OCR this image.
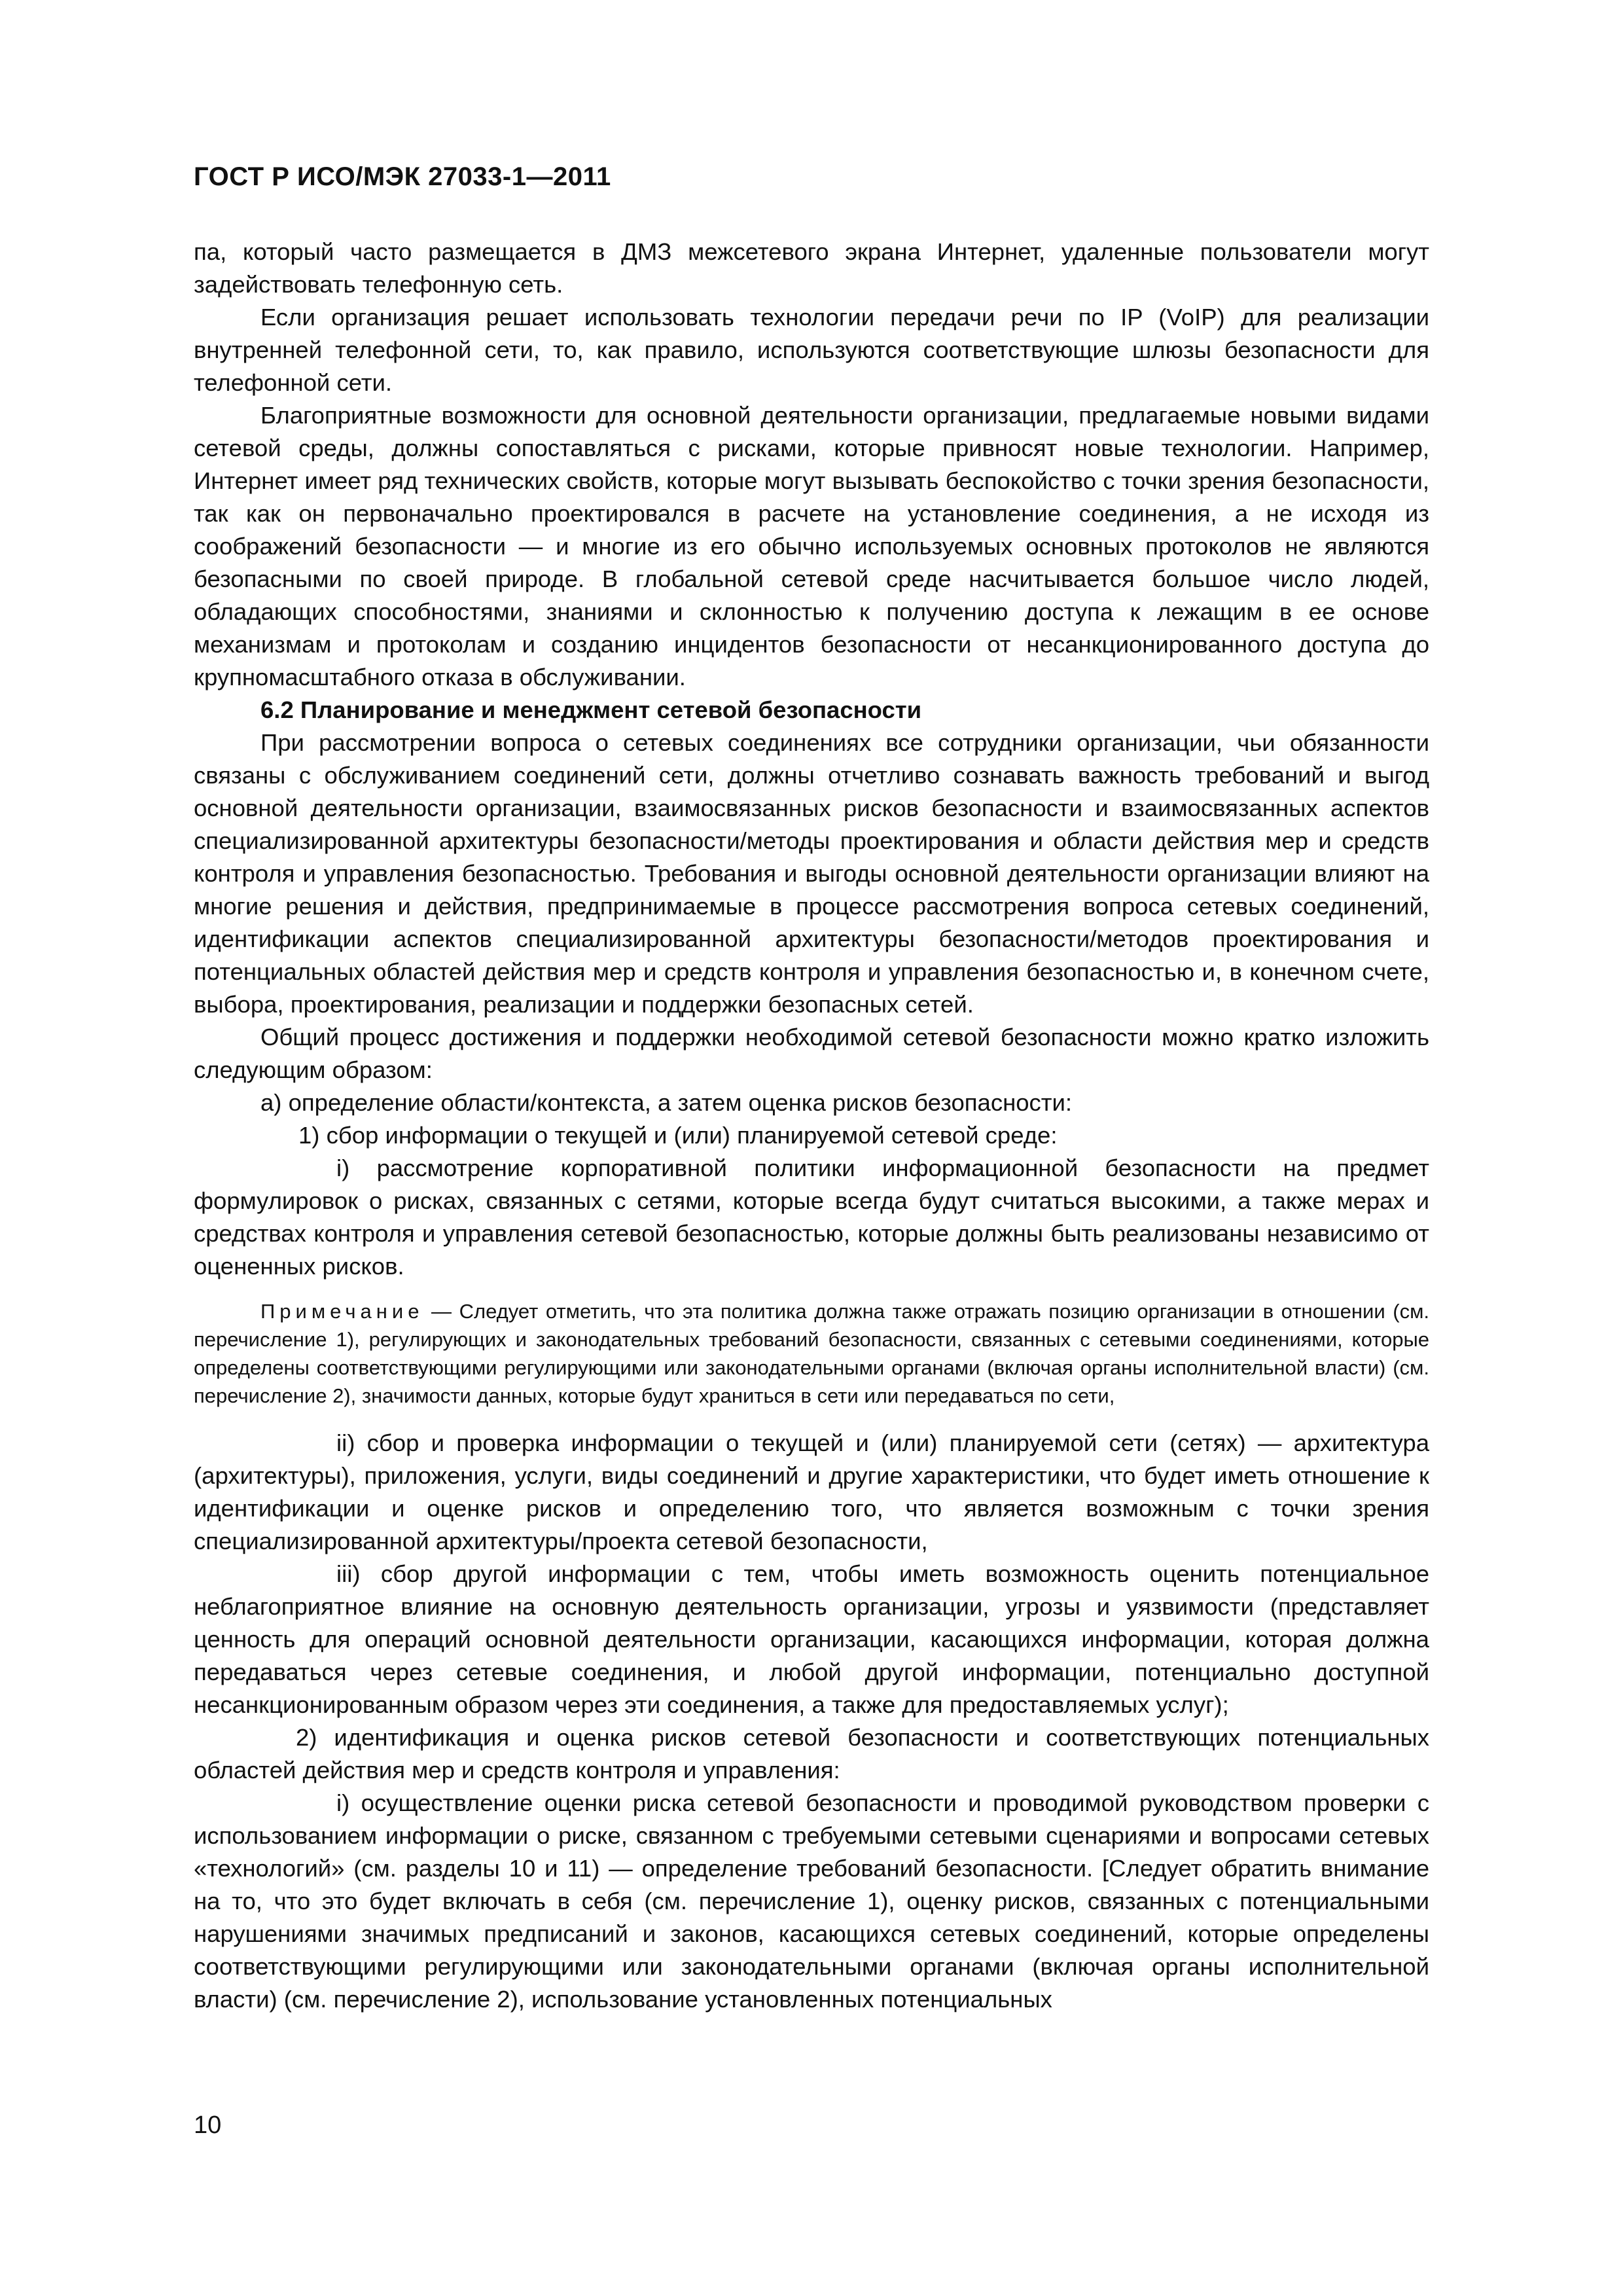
ГОСТ Р ИСО/МЭК 27033-1—2011

па, который часто размещается в ДМЗ межсетевого экрана Интернет, удаленные пользователи могут задействовать телефонную сеть.

Если организация решает использовать технологии передачи речи по IP (VoIP) для реализации внутренней телефонной сети, то, как правило, используются соответствующие шлюзы безопасности для телефонной сети.

Благоприятные возможности для основной деятельности организации, предлагаемые новыми видами сетевой среды, должны сопоставляться с рисками, которые привносят новые технологии. Например, Интернет имеет ряд технических свойств, которые могут вызывать беспокойство с точки зрения безопасности, так как он первоначально проектировался в расчете на установление соединения, а не исходя из соображений безопасности — и многие из его обычно используемых основных протоколов не являются безопасными по своей природе. В глобальной сетевой среде насчитывается большое число людей, обладающих способностями, знаниями и склонностью к получению доступа к лежащим в ее основе механизмам и протоколам и созданию инцидентов безопасности от несанкционированного доступа до крупномасштабного отказа в обслуживании.

6.2 Планирование и менеджмент сетевой безопасности

При рассмотрении вопроса о сетевых соединениях все сотрудники организации, чьи обязанности связаны с обслуживанием соединений сети, должны отчетливо сознавать важность требований и выгод основной деятельности организации, взаимосвязанных рисков безопасности и взаимосвязанных аспектов специализированной архитектуры безопасности/методы проектирования и области действия мер и средств контроля и управления безопасностью. Требования и выгоды основной деятельности организации влияют на многие решения и действия, предпринимаемые в процессе рассмотрения вопроса сетевых соединений, идентификации аспектов специализированной архитектуры безопасности/методов проектирования и потенциальных областей действия мер и средств контроля и управления безопасностью и, в конечном счете, выбора, проектирования, реализации и поддержки безопасных сетей.

Общий процесс достижения и поддержки необходимой сетевой безопасности можно кратко изложить следующим образом:

а) определение области/контекста, а затем оценка рисков безопасности:

1) сбор информации о текущей и (или) планируемой сетевой среде:

i) рассмотрение корпоративной политики информационной безопасности на предмет формулировок о рисках, связанных с сетями, которые всегда будут считаться высокими, а также мерах и средствах контроля и управления сетевой безопасностью, которые должны быть реализованы независимо от оцененных рисков.

Примечание — Следует отметить, что эта политика должна также отражать позицию организации в отношении (см. перечисление 1), регулирующих и законодательных требований безопасности, связанных с сетевыми соединениями, которые определены соответствующими регулирующими или законодательными органами (включая органы исполнительной власти) (см. перечисление 2), значимости данных, которые будут храниться в сети или передаваться по сети,

ii) сбор и проверка информации о текущей и (или) планируемой сети (сетях) — архитектура (архитектуры), приложения, услуги, виды соединений и другие характеристики, что будет иметь отношение к идентификации и оценке рисков и определению того, что является возможным с точки зрения специализированной архитектуры/проекта сетевой безопасности,

iii) сбор другой информации с тем, чтобы иметь возможность оценить потенциальное неблагоприятное влияние на основную деятельность организации, угрозы и уязвимости (представляет ценность для операций основной деятельности организации, касающихся информации, которая должна передаваться через сетевые соединения, и любой другой информации, потенциально доступной несанкционированным образом через эти соединения, а также для предоставляемых услуг);

2) идентификация и оценка рисков сетевой безопасности и соответствующих потенциальных областей действия мер и средств контроля и управления:

i) осуществление оценки риска сетевой безопасности и проводимой руководством проверки с использованием информации о риске, связанном с требуемыми сетевыми сценариями и вопросами сетевых «технологий» (см. разделы 10 и 11) — определение требований безопасности. [Следует обратить внимание на то, что это будет включать в себя (см. перечисление 1), оценку рисков, связанных с потенциальными нарушениями значимых предписаний и законов, касающихся сетевых соединений, которые определены соответствующими регулирующими или законодательными органами (включая органы исполнительной власти) (см. перечисление 2), использование установленных потенциальных

10
